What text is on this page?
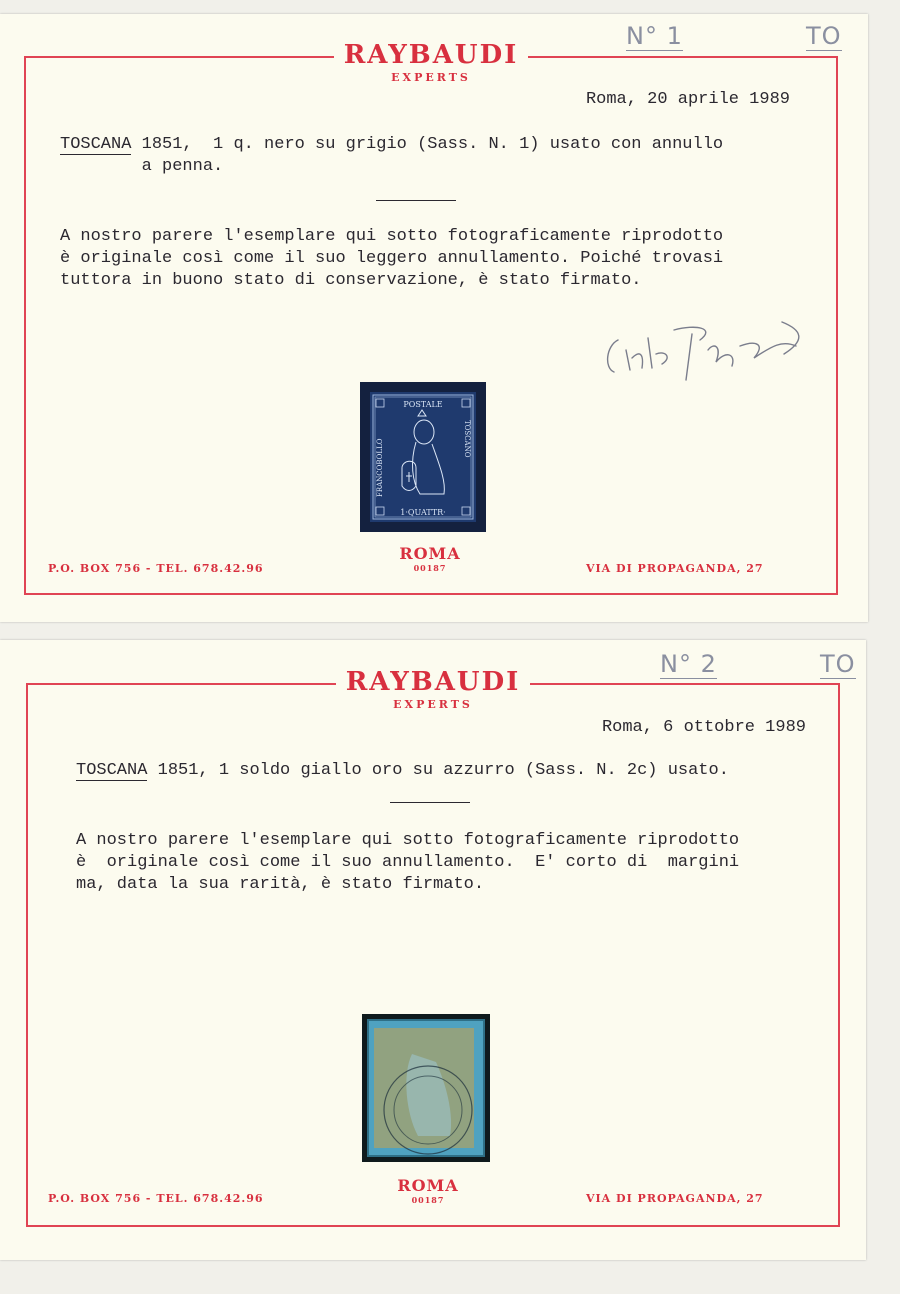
N° 1	TO
RAYBAUDI
EXPERTS
Roma, 20 aprile 1989
TOSCANA 1851,  1 q. nero su grigio (Sass. N. 1) usato con annullo
a penna.
A nostro parere l'esemplare qui sotto fotograficamente riprodotto
è originale così come il suo leggero annullamento. Poiché trovasi
tuttora in buono stato di conservazione, è stato firmato.
POSTALE
1·QUATTR·
FRANCOBOLLO	TOSCANO
P.O. BOX 756 - TEL. 678.42.96
ROMA
00187	VIA DI PROPAGANDA, 27
N° 2	TO
RAYBAUDI
EXPERTS
Roma, 6 ottobre 1989
TOSCANA 1851, 1 soldo giallo oro su azzurro (Sass. N. 2c) usato.
A nostro parere l'esemplare qui sotto fotograficamente riprodotto
è  originale così come il suo annullamento.  E' corto di  margini
ma, data la sua rarità, è stato firmato.
P.O. BOX 756 - TEL. 678.42.96
ROMA
00187	VIA DI PROPAGANDA, 27
